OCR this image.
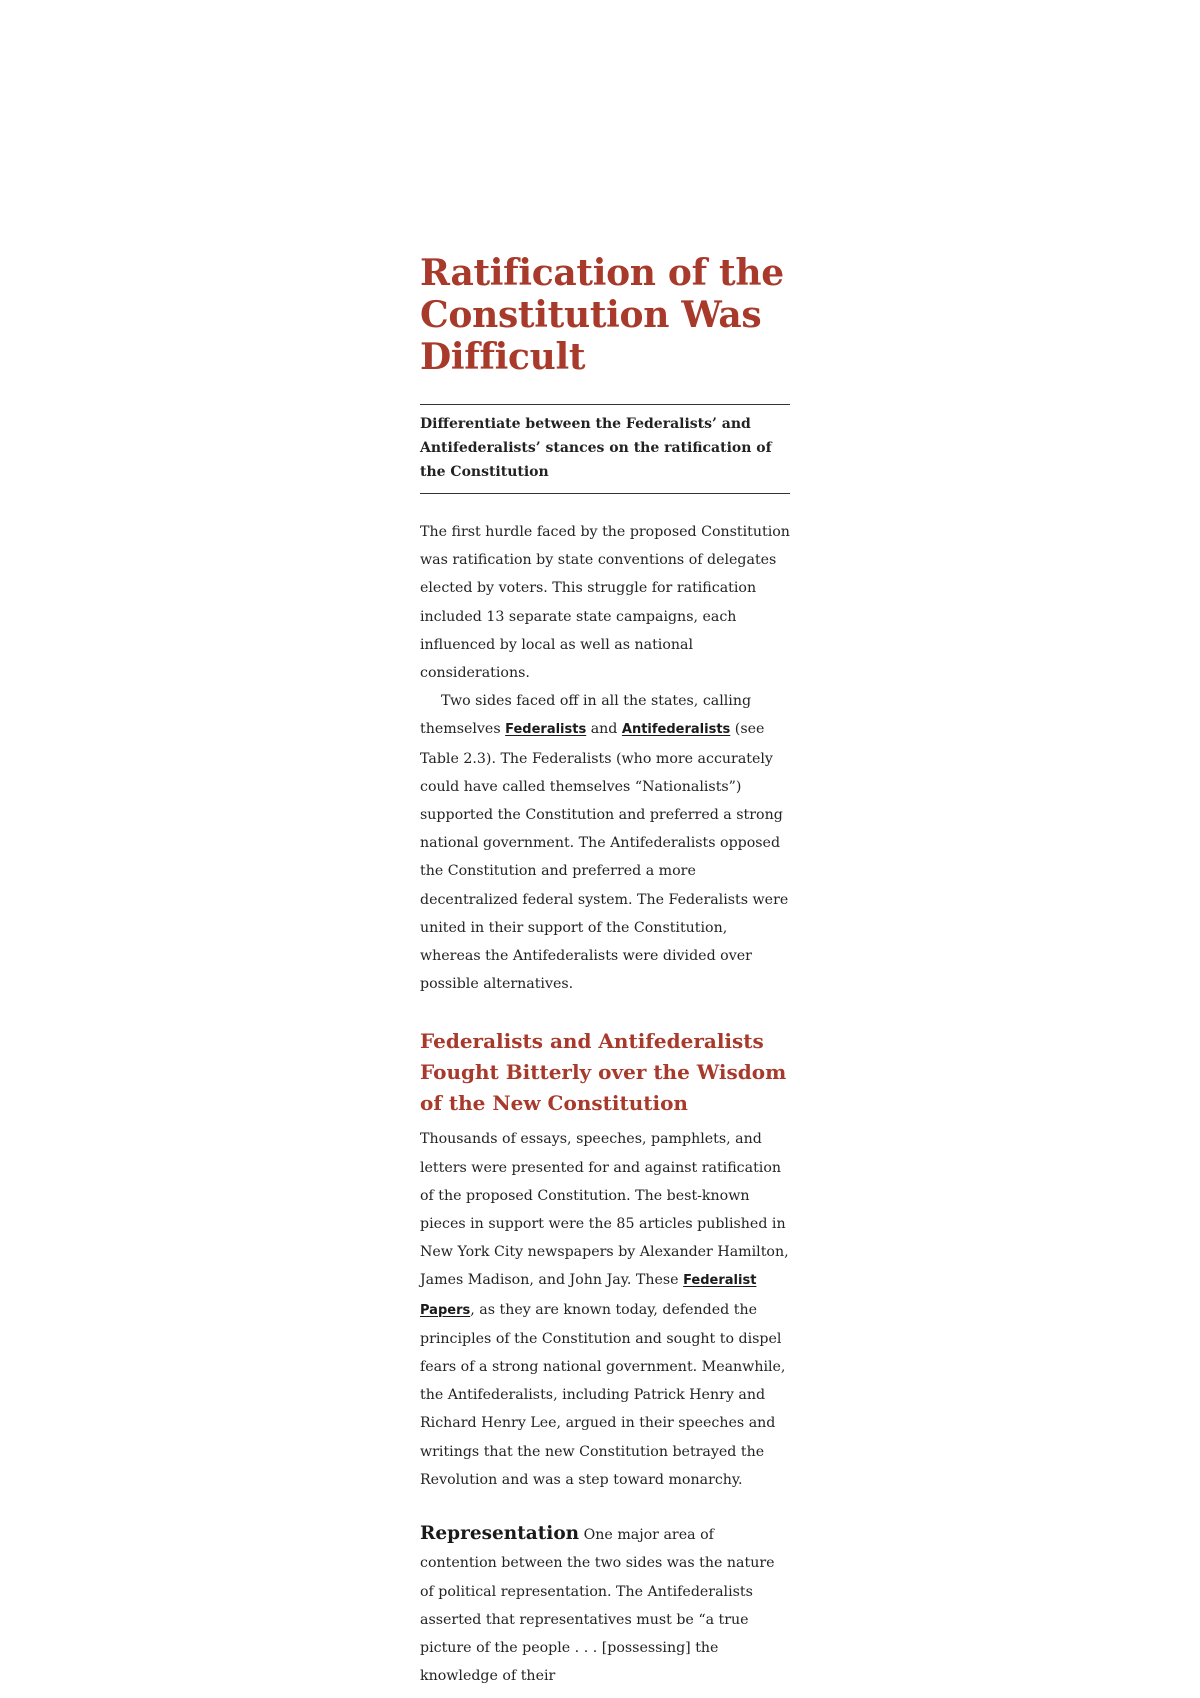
Ratification of the Constitution Was Difficult

Differentiate between the Federalists’ and Antifederalists’ stances on the ratification of the Constitution

The first hurdle faced by the proposed Constitution was ratification by state conventions of delegates elected by voters. This struggle for ratification included 13 separate state campaigns, each influenced by local as well as national considerations.

Two sides faced off in all the states, calling themselves Federalists and Antifederalists (see Table 2.3). The Federalists (who more accurately could have called themselves “Nationalists”) supported the Constitution and preferred a strong national government. The Antifederalists opposed the Constitution and preferred a more decentralized federal system. The Federalists were united in their support of the Constitution, whereas the Antifederalists were divided over possible alternatives.

Federalists and Antifederalists Fought Bitterly over the Wisdom of the New Constitution

Thousands of essays, speeches, pamphlets, and letters were presented for and against ratification of the proposed Constitution. The best-known pieces in support were the 85 articles published in New York City newspapers by Alexander Hamilton, James Madison, and John Jay. These Federalist Papers, as they are known today, defended the principles of the Constitution and sought to dispel fears of a strong national government. Meanwhile, the Antifederalists, including Patrick Henry and Richard Henry Lee, argued in their speeches and writings that the new Constitution betrayed the Revolution and was a step toward monarchy.

Representation One major area of contention between the two sides was the nature of political representation. The Antifederalists asserted that representatives must be “a true picture of the people . . . [possessing] the knowledge of their
